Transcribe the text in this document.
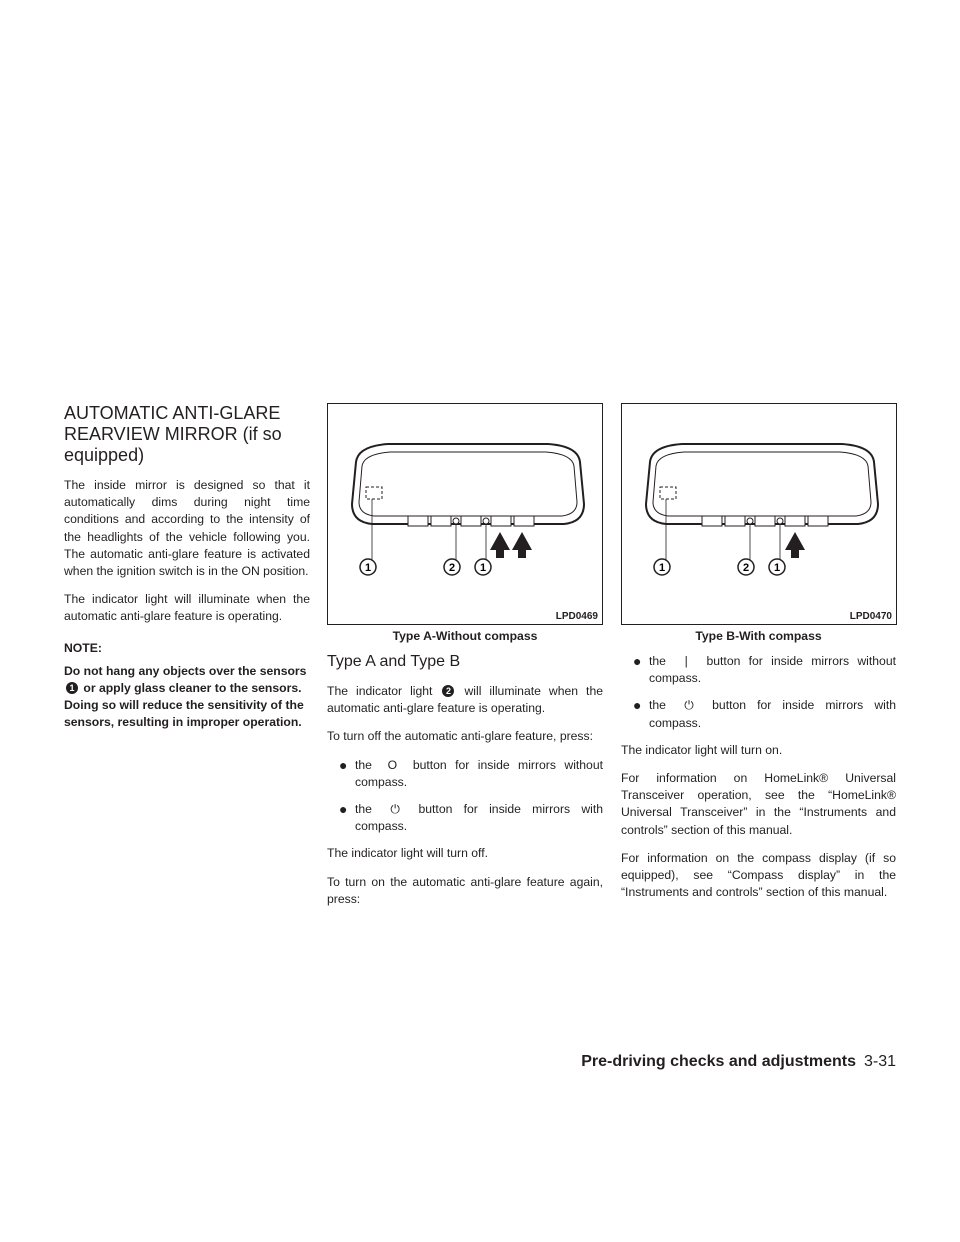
AUTOMATIC ANTI-GLARE
REARVIEW MIRROR (if so equipped)

The inside mirror is designed so that it automatically dims during night time conditions and according to the intensity of the headlights of the vehicle following you. The automatic anti-glare feature is activated when the ignition switch is in the ON position.

The indicator light will illuminate when the automatic anti-glare feature is operating.

NOTE:

Do not hang any objects over the sensors 1 or apply glass cleaner to the sensors. Doing so will reduce the sensitivity of the sensors, resulting in improper operation.

1	2 1
LPD0469
Type A-Without compass
Type A and Type B

The indicator light 2 will illuminate when the automatic anti-glare feature is operating.

To turn off the automatic anti-glare feature, press:

● the O button for inside mirrors without compass.
● the ⏻ button for inside mirrors with compass.

The indicator light will turn off.

To turn on the automatic anti-glare feature again, press:

1	2 1
LPD0470
Type B-With compass
● the | button for inside mirrors without compass.
● the ⏻ button for inside mirrors with compass.

The indicator light will turn on.

For information on HomeLink® Universal Transceiver operation, see the “HomeLink® Universal Transceiver” in the “Instruments and controls” section of this manual.

For information on the compass display (if so equipped), see “Compass display” in the “Instruments and controls” section of this manual.

Pre-driving checks and adjustments 3-31
